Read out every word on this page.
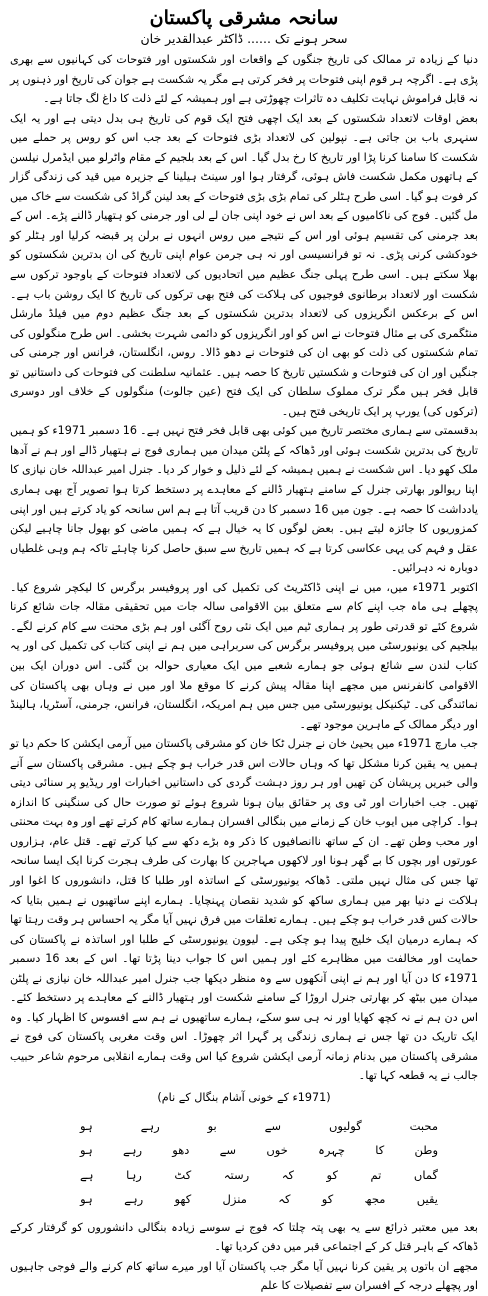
سانحہ مشرقی پاکستان
سحر ہونے تک ...... ڈاکٹر عبدالقدیر خان

دنیا کے زیادہ تر ممالک کی تاریخ جنگوں کے واقعات اور شکستوں اور فتوحات کی کہانیوں سے بھری پڑی ہے۔ اگرچہ ہر قوم اپنی فتوحات پر فخر کرتی ہے مگر یہ شکست ہے جوان کی تاریخ اور ذہنوں پر نہ قابل فراموش نہایت تکلیف دہ تاثرات چھوڑتی ہے اور ہمیشہ کے لئے ذلت کا داغ لگ جاتا ہے۔

بعض اوقات لاتعداد شکستوں کے بعد ایک اچھی فتح ایک قوم کی تاریخ ہی بدل دیتی ہے اور یہ ایک سنہری باب بن جاتی ہے۔ نپولین کی لاتعداد بڑی فتوحات کے بعد جب اس کو روس پر حملے میں شکست کا سامنا کرنا پڑا اور تاریخ کا رخ بدل گیا۔ اس کے بعد بلجیم کے مقام واٹرلو میں ایڈمرل نیلسن کے ہاتھوں مکمل شکست فاش ہوئی، گرفتار ہوا اور سینٹ ہیلینا کے جزیرہ میں قید کی زندگی گزار کر فوت ہو گیا۔ اسی طرح ہٹلر کی تمام بڑی بڑی فتوحات کے بعد لینن گراڈ کی شکست سے خاک میں مل گئیں۔ فوج کی ناکامیوں کے بعد اس نے خود اپنی جان لے لی اور جرمنی کو ہتھیار ڈالنے پڑے۔ اس کے بعد جرمنی کی تقسیم ہوئی اور اس کے نتیجے میں روس انہوں نے برلن پر قبضہ کرلیا اور ہٹلر کو خودکشی کرنی پڑی۔ نہ تو فرانسیسی اور نہ ہی جرمن عوام اپنی تاریخ کی ان بدترین شکستوں کو بھلا سکتے ہیں۔ اسی طرح پہلی جنگ عظیم میں اتحادیوں کی لاتعداد فتوحات کے باوجود ترکوں سے شکست اور لاتعداد برطانوی فوجیوں کی ہلاکت کی فتح بھی ترکوں کی تاریخ کا ایک روشن باب ہے۔ اس کے برعکس انگریزوں کی لاتعداد بدترین شکستوں کے بعد جنگ عظیم دوم میں فیلڈ مارشل منٹگمری کی بے مثال فتوحات نے اس کو اور انگریزوں کو دائمی شہرت بخشی۔ اس طرح منگولوں کی تمام شکستوں کی ذلت کو بھی ان کی فتوحات نے دھو ڈالا۔ روس، انگلستان، فرانس اور جرمنی کی جنگیں اور ان کی فتوحات و شکستیں تاریخ کا حصہ ہیں۔ عثمانیہ سلطنت کی فتوحات کی داستانیں تو قابل فخر ہیں مگر ترک مملوک سلطان کی ایک فتح (عین جالوت) منگولوں کے خلاف اور دوسری (ترکوں کی) یورپ پر ایک تاریخی فتح ہیں۔

بدقسمتی سے ہماری مختصر تاریخ میں کوئی بھی قابل فخر فتح نہیں ہے۔ 16 دسمبر 1971ء کو ہمیں تاریخ کی بدترین شکست ہوئی اور ڈھاکہ کے پلٹن میدان میں ہماری فوج نے ہتھیار ڈالے اور ہم نے آدھا ملک کھو دیا۔ اس شکست نے ہمیں ہمیشہ کے لئے ذلیل و خوار کر دیا۔ جنرل امیر عبداللہ خان نیازی کا اپنا ریوالور بھارتی جنرل کے سامنے ہتھیار ڈالنے کے معاہدے پر دستخط کرتا ہوا تصویر آج بھی ہماری یادداشت کا حصہ ہے۔ جون میں 16 دسمبر کا دن قریب آتا ہے ہم اس سانحہ کو یاد کرتے ہیں اور اپنی کمزوریوں کا جائزہ لیتے ہیں۔ بعض لوگوں کا یہ خیال ہے کہ ہمیں ماضی کو بھول جانا چاہیے لیکن عقل و فہم کی یہی عکاسی کرتا ہے کہ ہمیں تاریخ سے سبق حاصل کرنا چاہئے تاکہ ہم وہی غلطیاں دوبارہ نہ دہرائیں۔

اکتوبر 1971ء میں، میں نے اپنی ڈاکٹریٹ کی تکمیل کی اور پروفیسر برگرس کا لیکچر شروع کیا۔ پچھلے ہی ماہ جب اپنے کام سے متعلق بین الاقوامی سالہ جات میں تحقیقی مقالہ جات شائع کرنا شروع کئے تو قدرتی طور پر ہماری ٹیم میں ایک نئی روح آگئی اور ہم بڑی محنت سے کام کرنے لگے۔ بیلجیم کی یونیورسٹی میں پروفیسر برگرس کی سربراہی میں ہم نے اپنی کتاب کی تکمیل کی اور یہ کتاب لندن سے شائع ہوئی جو ہمارے شعبے میں ایک معیاری حوالہ بن گئی۔ اس دوران ایک بین الاقوامی کانفرنس میں مجھے اپنا مقالہ پیش کرنے کا موقع ملا اور میں نے وہاں بھی پاکستان کی نمائندگی کی۔ ٹیکنیکل یونیورسٹی میں جس میں ہم امریکہ، انگلستان، فرانس، جرمنی، آسٹریا، ہالینڈ اور دیگر ممالک کے ماہرین موجود تھے۔

جب مارچ 1971ء میں یحییٰ خان نے جنرل ٹکا خان کو مشرقی پاکستان میں آرمی ایکشن کا حکم دیا تو ہمیں یہ یقین کرنا مشکل تھا کہ وہاں حالات اس قدر خراب ہو چکے ہیں۔ مشرقی پاکستان سے آنے والی خبریں پریشان کن تھیں اور ہر روز دہشت گردی کی داستانیں اخبارات اور ریڈیو پر سنائی دیتی تھیں۔ جب اخبارات اور ٹی وی پر حقائق بیان ہونا شروع ہوئے تو صورت حال کی سنگینی کا اندازہ ہوا۔ کراچی میں ایوب خان کے زمانے میں بنگالی افسران ہمارے ساتھ کام کرتے تھے اور وہ بہت محنتی اور محب وطن تھے۔ ان کے ساتھ ناانصافیوں کا ذکر وہ بڑے دکھ سے کیا کرتے تھے۔ قتل عام، ہزاروں عورتوں اور بچوں کا بے گھر ہونا اور لاکھوں مہاجرین کا بھارت کی طرف ہجرت کرنا ایک ایسا سانحہ تھا جس کی مثال نہیں ملتی۔ ڈھاکہ یونیورسٹی کے اساتذہ اور طلبا کا قتل، دانشوروں کا اغوا اور ہلاکت نے دنیا بھر میں ہماری ساکھ کو شدید نقصان پہنچایا۔ ہمارے اپنے ساتھیوں نے ہمیں بتایا کہ حالات کس قدر خراب ہو چکے ہیں۔ ہمارے تعلقات میں فرق نہیں آیا مگر یہ احساس ہر وقت رہتا تھا کہ ہمارے درمیان ایک خلیج پیدا ہو چکی ہے۔ لیوون یونیورسٹی کے طلبا اور اساتذہ نے پاکستان کی حمایت اور مخالفت میں مظاہرے کئے اور ہمیں اس کا جواب دینا پڑتا تھا۔ اس کے بعد 16 دسمبر 1971ء کا دن آیا اور ہم نے اپنی آنکھوں سے وہ منظر دیکھا جب جنرل امیر عبداللہ خان نیازی نے پلٹن میدان میں بیٹھ کر بھارتی جنرل اروڑا کے سامنے شکست اور ہتھیار ڈالنے کے معاہدے پر دستخط کئے۔ اس دن ہم نے نہ کچھ کھایا اور نہ ہی سو سکے، ہمارے ساتھیوں نے ہم سے افسوس کا اظہار کیا۔ وہ ایک تاریک دن تھا جس نے ہماری زندگی پر گہرا اثر چھوڑا۔ اس وقت مغربی پاکستان کی فوج نے مشرقی پاکستان میں بدنام زمانہ آرمی ایکشن شروع کیا اس وقت ہمارے انقلابی مرحوم شاعر حبیب جالب نے یہ قطعہ کہا تھا۔

(1971ء کے خونی آشام بنگال کے نام)
محبت
گولیوں
سے
بو
رہے
ہو
وطن
کا
چہرہ
خوں
سے
دھو
رہے
ہو
گماں
تم
کو
کہ
رستہ
کٹ
رہا
ہے
یقیں
مجھ
کو
کہ
منزل
کھو
رہے
ہو

بعد میں معتبر ذرائع سے یہ بھی پتہ چلتا کہ فوج نے سوسے زیادہ بنگالی دانشوروں کو گرفتار کرکے ڈھاکہ کے باہر قتل کر کے اجتماعی قبر میں دفن کردیا تھا۔

مجھے ان باتوں پر یقین کرنا نہیں آیا مگر جب پاکستان آیا اور میرے ساتھ کام کرنے والے فوجی جاہیوں اور پچھلے درجہ کے افسران سے تفصیلات کا علم
